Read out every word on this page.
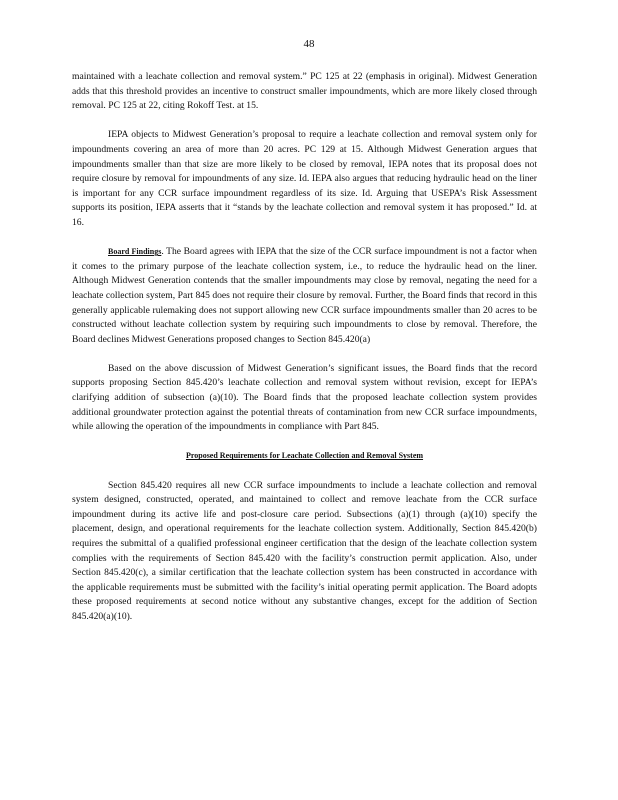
48

maintained with a leachate collection and removal system.” PC 125 at 22 (emphasis in original). Midwest Generation adds that this threshold provides an incentive to construct smaller impoundments, which are more likely closed through removal. PC 125 at 22, citing Rokoff Test. at 15.

IEPA objects to Midwest Generation’s proposal to require a leachate collection and removal system only for impoundments covering an area of more than 20 acres. PC 129 at 15. Although Midwest Generation argues that impoundments smaller than that size are more likely to be closed by removal, IEPA notes that its proposal does not require closure by removal for impoundments of any size. Id. IEPA also argues that reducing hydraulic head on the liner is important for any CCR surface impoundment regardless of its size. Id. Arguing that USEPA’s Risk Assessment supports its position, IEPA asserts that it “stands by the leachate collection and removal system it has proposed.” Id. at 16.

Board Findings. The Board agrees with IEPA that the size of the CCR surface impoundment is not a factor when it comes to the primary purpose of the leachate collection system, i.e., to reduce the hydraulic head on the liner. Although Midwest Generation contends that the smaller impoundments may close by removal, negating the need for a leachate collection system, Part 845 does not require their closure by removal. Further, the Board finds that record in this generally applicable rulemaking does not support allowing new CCR surface impoundments smaller than 20 acres to be constructed without leachate collection system by requiring such impoundments to close by removal. Therefore, the Board declines Midwest Generations proposed changes to Section 845.420(a)

Based on the above discussion of Midwest Generation’s significant issues, the Board finds that the record supports proposing Section 845.420’s leachate collection and removal system without revision, except for IEPA’s clarifying addition of subsection (a)(10). The Board finds that the proposed leachate collection system provides additional groundwater protection against the potential threats of contamination from new CCR surface impoundments, while allowing the operation of the impoundments in compliance with Part 845.

Proposed Requirements for Leachate Collection and Removal System

Section 845.420 requires all new CCR surface impoundments to include a leachate collection and removal system designed, constructed, operated, and maintained to collect and remove leachate from the CCR surface impoundment during its active life and post-closure care period. Subsections (a)(1) through (a)(10) specify the placement, design, and operational requirements for the leachate collection system. Additionally, Section 845.420(b) requires the submittal of a qualified professional engineer certification that the design of the leachate collection system complies with the requirements of Section 845.420 with the facility’s construction permit application. Also, under Section 845.420(c), a similar certification that the leachate collection system has been constructed in accordance with the applicable requirements must be submitted with the facility’s initial operating permit application. The Board adopts these proposed requirements at second notice without any substantive changes, except for the addition of Section 845.420(a)(10).
